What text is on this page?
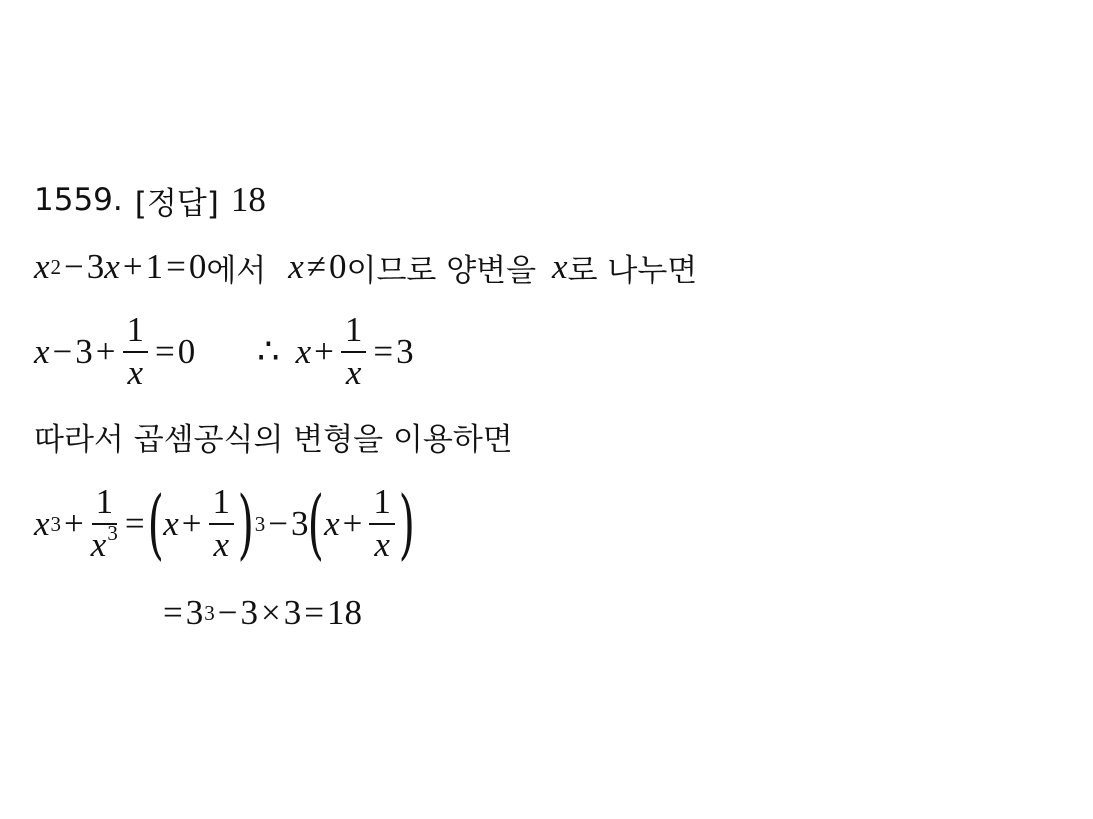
1559. [정답] 18
x 2 − 3 x + 1 = 0 에서 x ≠ 0 이므로 양변을 x 로 나누면
$x - 3 + \frac{1}{x} = 0$ ∴ $x + \frac{1}{x} = 3$
따라서 곱셈공식의 변형을 이용하면
x $3 + \frac{1}{x^3}$ = ( $x + \frac{1}{x}$ ) 3 − 3 ( $x + \frac{1}{x}$ )
= 3 3 − 3 × 3 = 18
